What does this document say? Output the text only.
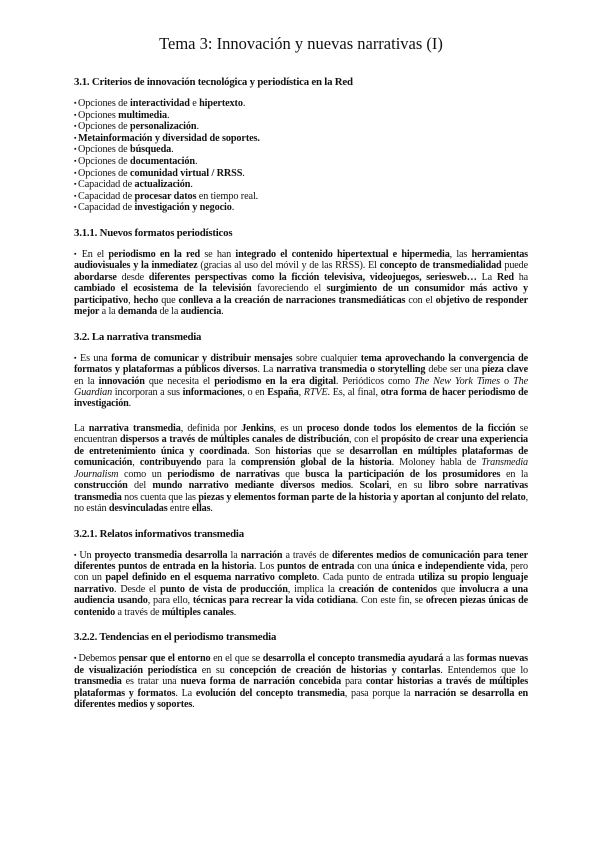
Tema 3: Innovación y nuevas narrativas (I)
3.1. Criterios de innovación tecnológica y periodística en la Red
▪ Opciones de interactividad e hipertexto.
▪ Opciones multimedia.
▪ Opciones de personalización.
▪ Metainformación y diversidad de soportes.
▪ Opciones de búsqueda.
▪ Opciones de documentación.
▪ Opciones de comunidad virtual / RRSS.
▪ Capacidad de actualización.
▪ Capacidad de procesar datos en tiempo real.
▪ Capacidad de investigación y negocio.
3.1.1. Nuevos formatos periodísticos

▪ En el periodismo en la red se han integrado el contenido hipertextual e hipermedia, las herramientas audiovisuales y la inmediatez (gracias al uso del móvil y de las RRSS). El concepto de transmedialidad puede abordarse desde diferentes perspectivas como la ficción televisiva, videojuegos, seriesweb… La Red ha cambiado el ecosistema de la televisión favoreciendo el surgimiento de un consumidor más activo y participativo, hecho que conlleva a la creación de narraciones transmediáticas con el objetivo de responder mejor a la demanda de la audiencia.

3.2. La narrativa transmedia

▪ Es una forma de comunicar y distribuir mensajes sobre cualquier tema aprovechando la convergencia de formatos y plataformas a públicos diversos. La narrativa transmedia o storytelling debe ser una pieza clave en la innovación que necesita el periodismo en la era digital. Periódicos como The New York Times o The Guardian incorporan a sus informaciones, o en España, RTVE. Es, al final, otra forma de hacer periodismo de investigación.

La narrativa transmedia, definida por Jenkins, es un proceso donde todos los elementos de la ficción se encuentran dispersos a través de múltiples canales de distribución, con el propósito de crear una experiencia de entretenimiento única y coordinada. Son historias que se desarrollan en múltiples plataformas de comunicación, contribuyendo para la comprensión global de la historia. Moloney habla de Transmedia Journalism como un periodismo de narrativas que busca la participación de los prosumidores en la construcción del mundo narrativo mediante diversos medios. Scolari, en su libro sobre narrativas transmedia nos cuenta que las piezas y elementos forman parte de la historia y aportan al conjunto del relato, no están desvinculadas entre ellas.

3.2.1. Relatos informativos transmedia

▪ Un proyecto transmedia desarrolla la narración a través de diferentes medios de comunicación para tener diferentes puntos de entrada en la historia. Los puntos de entrada con una única e independiente vida, pero con un papel definido en el esquema narrativo completo. Cada punto de entrada utiliza su propio lenguaje narrativo. Desde el punto de vista de producción, implica la creación de contenidos que involucra a una audiencia usando, para ello, técnicas para recrear la vida cotidiana. Con este fin, se ofrecen piezas únicas de contenido a través de múltiples canales.

3.2.2. Tendencias en el periodismo transmedia

▪ Debemos pensar que el entorno en el que se desarrolla el concepto transmedia ayudará a las formas nuevas de visualización periodística en su concepción de creación de historias y contarlas. Entendemos que lo transmedia es tratar una nueva forma de narración concebida para contar historias a través de múltiples plataformas y formatos. La evolución del concepto transmedia, pasa porque la narración se desarrolla en diferentes medios y soportes.
